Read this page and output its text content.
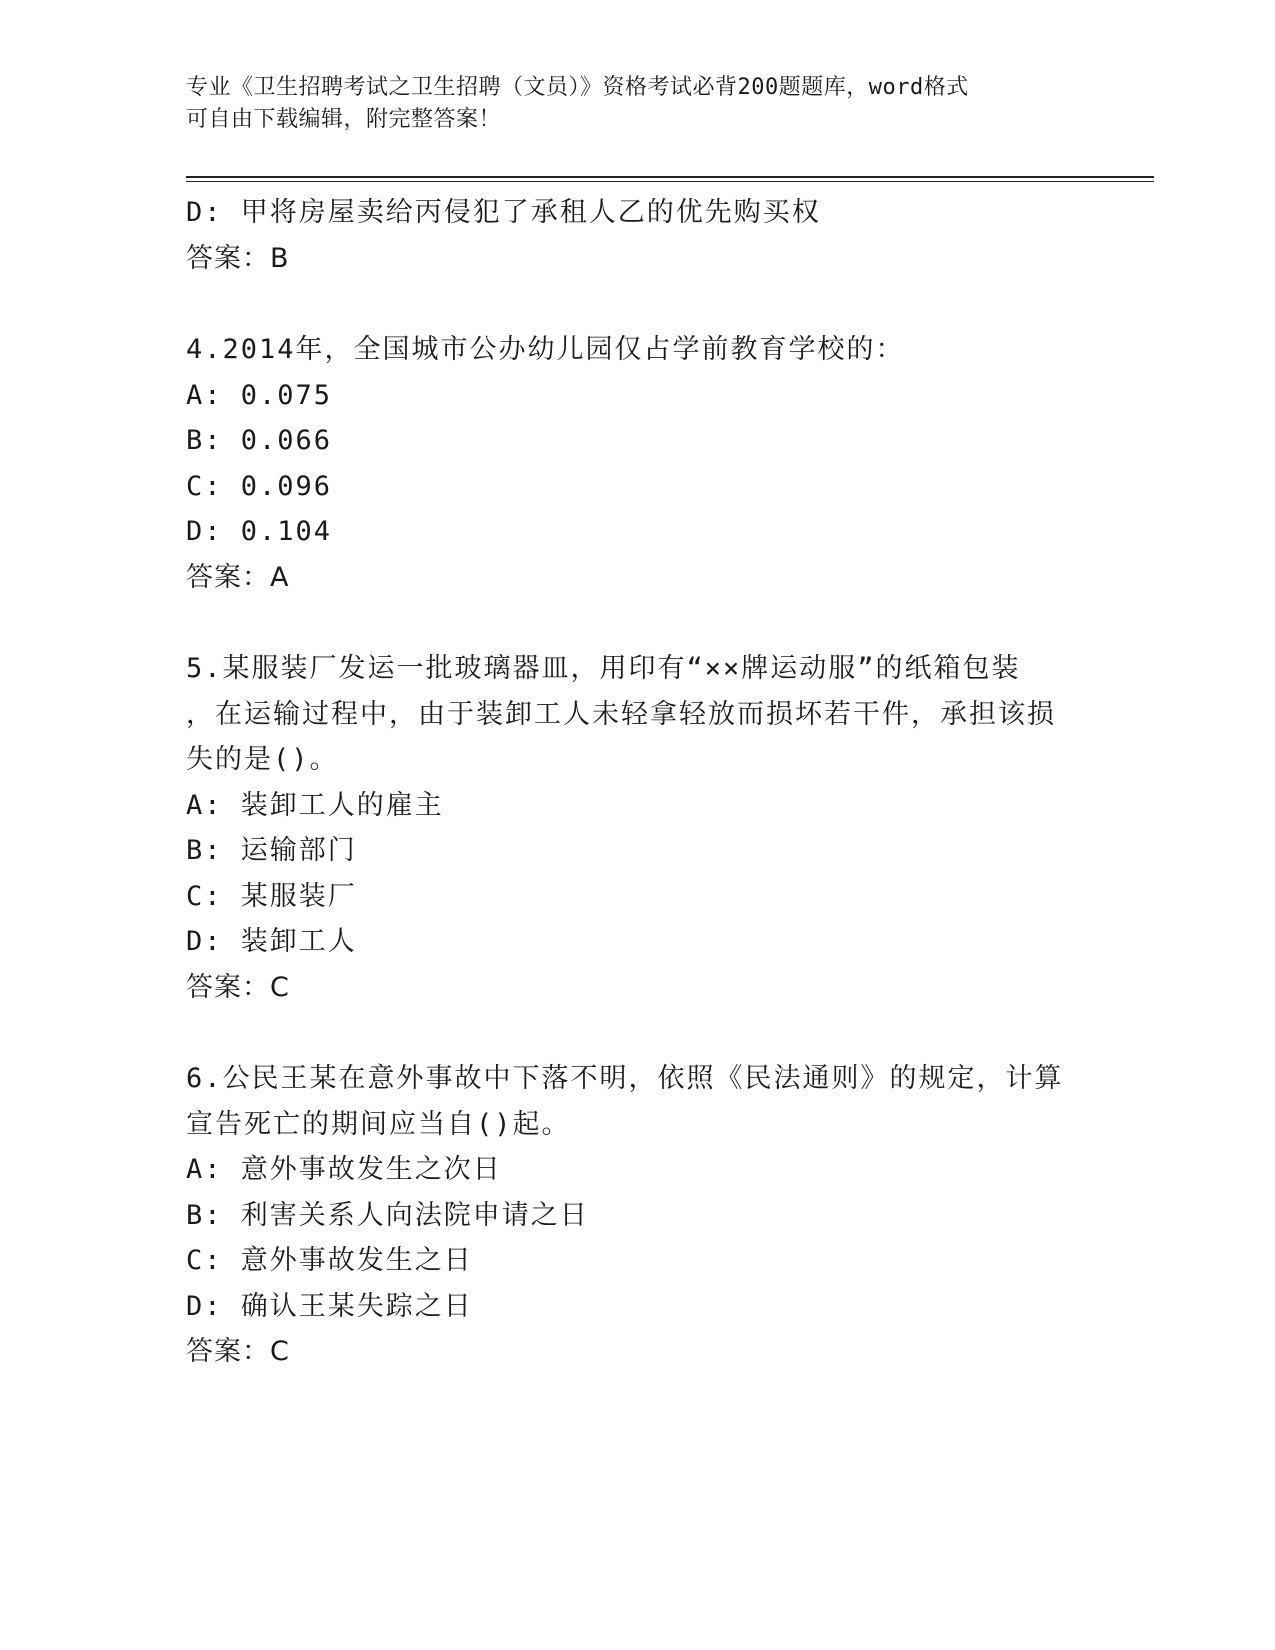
专业《卫生招聘考试之卫生招聘（文员）》资格考试必背200题题库，word格式
可自由下载编辑，附完整答案！
D: 甲将房屋卖给丙侵犯了承租人乙的优先购买权
答案：B
4.2014年，全国城市公办幼儿园仅占学前教育学校的：
A: 0.075
B: 0.066
C: 0.096
D: 0.104
答案：A
5.某服装厂发运一批玻璃器皿，用印有“××牌运动服”的纸箱包装
，在运输过程中，由于装卸工人未轻拿轻放而损坏若干件，承担该损
失的是()。
A: 装卸工人的雇主
B: 运输部门
C: 某服装厂
D: 装卸工人
答案：C
6.公民王某在意外事故中下落不明，依照《民法通则》的规定，计算
宣告死亡的期间应当自()起。
A: 意外事故发生之次日
B: 利害关系人向法院申请之日
C: 意外事故发生之日
D: 确认王某失踪之日
答案：C
